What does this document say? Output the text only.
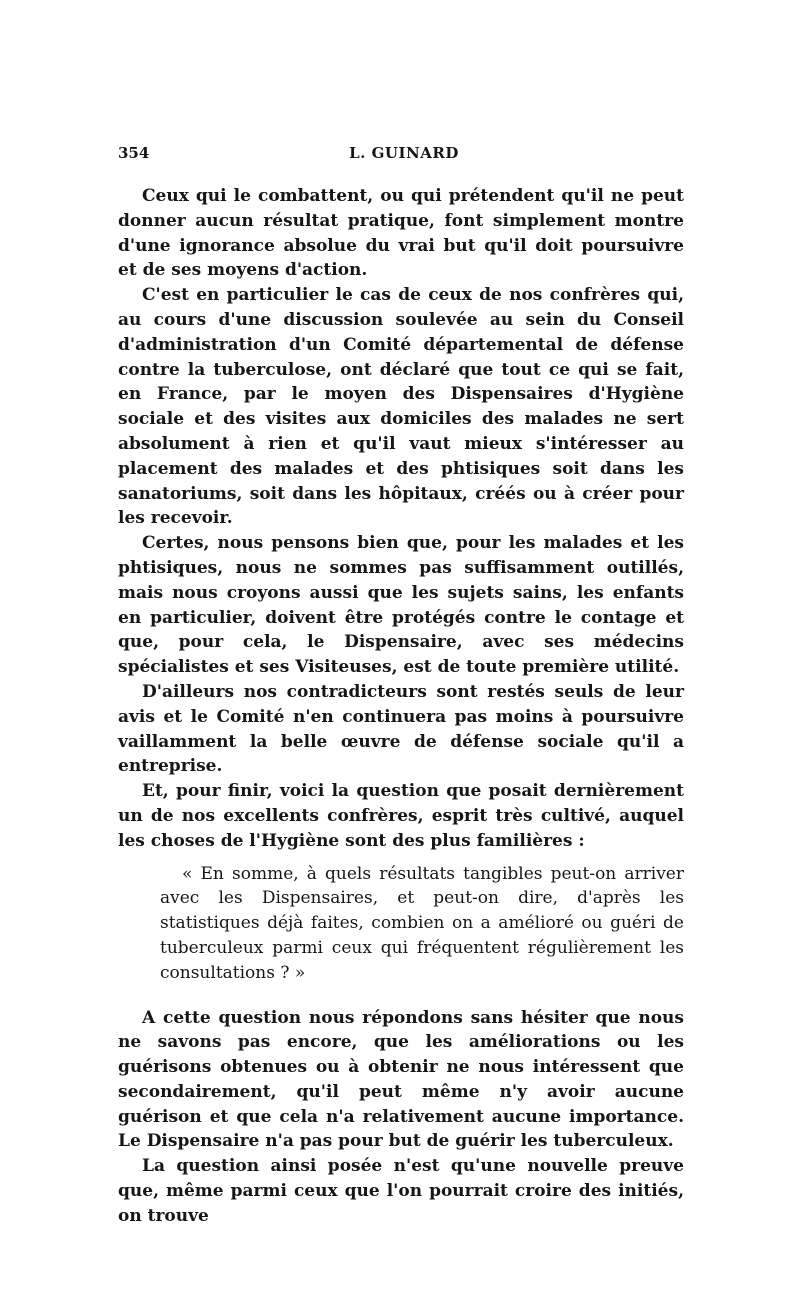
354	L. GUINARD

Ceux qui le combattent, ou qui prétendent qu'il ne peut donner aucun résultat pratique, font simplement montre d'une ignorance absolue du vrai but qu'il doit poursuivre et de ses moyens d'action.

C'est en particulier le cas de ceux de nos confrères qui, au cours d'une discussion soulevée au sein du Conseil d'administration d'un Comité départemental de défense contre la tuberculose, ont déclaré que tout ce qui se fait, en France, par le moyen des Dispensaires d'Hygiène sociale et des visites aux domiciles des malades ne sert absolument à rien et qu'il vaut mieux s'intéresser au placement des malades et des phtisiques soit dans les sanatoriums, soit dans les hôpitaux, créés ou à créer pour les recevoir.

Certes, nous pensons bien que, pour les malades et les phtisiques, nous ne sommes pas suffisamment outillés, mais nous croyons aussi que les sujets sains, les enfants en particulier, doivent être protégés contre le contage et que, pour cela, le Dispensaire, avec ses médecins spécialistes et ses Visiteuses, est de toute première utilité.

D'ailleurs nos contradicteurs sont restés seuls de leur avis et le Comité n'en continuera pas moins à poursuivre vaillamment la belle œuvre de défense sociale qu'il a entreprise.

Et, pour finir, voici la question que posait dernièrement un de nos excellents confrères, esprit très cultivé, auquel les choses de l'Hygiène sont des plus familières :

« En somme, à quels résultats tangibles peut-on arriver avec les Dispensaires, et peut-on dire, d'après les statistiques déjà faites, combien on a amélioré ou guéri de tuberculeux parmi ceux qui fréquentent régulièrement les consultations ? »

A cette question nous répondons sans hésiter que nous ne savons pas encore, que les améliorations ou les guérisons obtenues ou à obtenir ne nous intéressent que secondairement, qu'il peut même n'y avoir aucune guérison et que cela n'a relativement aucune importance. Le Dispensaire n'a pas pour but de guérir les tuberculeux.

La question ainsi posée n'est qu'une nouvelle preuve que, même parmi ceux que l'on pourrait croire des initiés, on trouve
